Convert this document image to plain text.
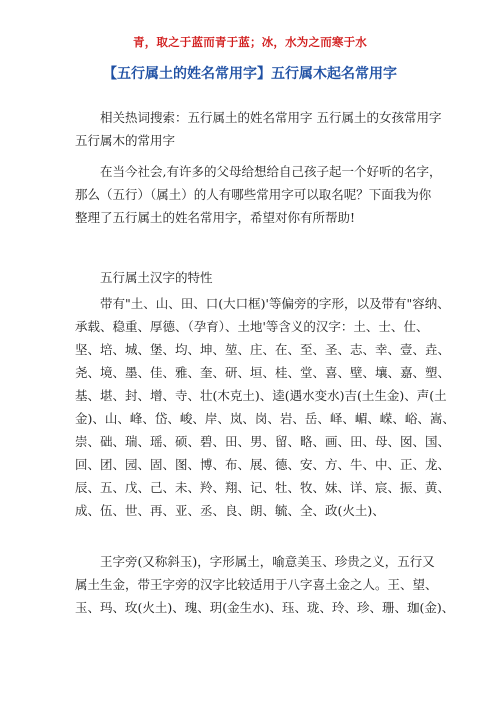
青，取之于蓝而青于蓝；冰，水为之而寒于水
【五行属土的姓名常用字】五行属木起名常用字
相关热词搜索：五行属土的姓名常用字 五行属土的女孩常用字
五行属木的常用字
在当今社会,有许多的父母给想给自己孩子起一个好听的名字，
那么（五行）（属土）的人有哪些常用字可以取名呢？下面我为你
整理了五行属土的姓名常用字，希望对你有所帮助!
五行属土汉字的特性
带有"土、山、田、口(大口框)'等偏旁的字形，以及带有"容纳、
承载、稳重、厚德、（孕育）、土地'等含义的汉字：土、士、仕、
坚、培、城、堡、均、坤、堃、庄、在、至、圣、志、幸、壹、垚、
尧、境、墨、佳、雅、奎、研、垣、桂、堂、喜、壁、壤、嘉、塑、
基、堪、封、增、寺、壮(木克土)、逵(遇水变水)吉(土生金)、声(土
金)、山、峰、岱、峻、岸、岚、岗、岩、岳、峄、嵋、嵘、峪、嵩、
崇、础、瑞、瑶、硕、碧、田、男、留、略、画、田、母、囡、国、
回、团、园、固、图、博、布、展、德、安、方、牛、中、正、龙、
辰、五、戊、己、未、羚、翔、记、牡、牧、妹、详、宸、振、黄、
成、伍、世、再、亚、丞、良、朗、毓、全、政(火土)、
王字旁(又称斜玉)，字形属土，喻意美玉、珍贵之义，五行又
属土生金，带王字旁的汉字比较适用于八字喜土金之人。王、望、
玉、玛、玫(火土)、瑰、玥(金生水)、珏、珑、玲、珍、珊、珈(金)、
